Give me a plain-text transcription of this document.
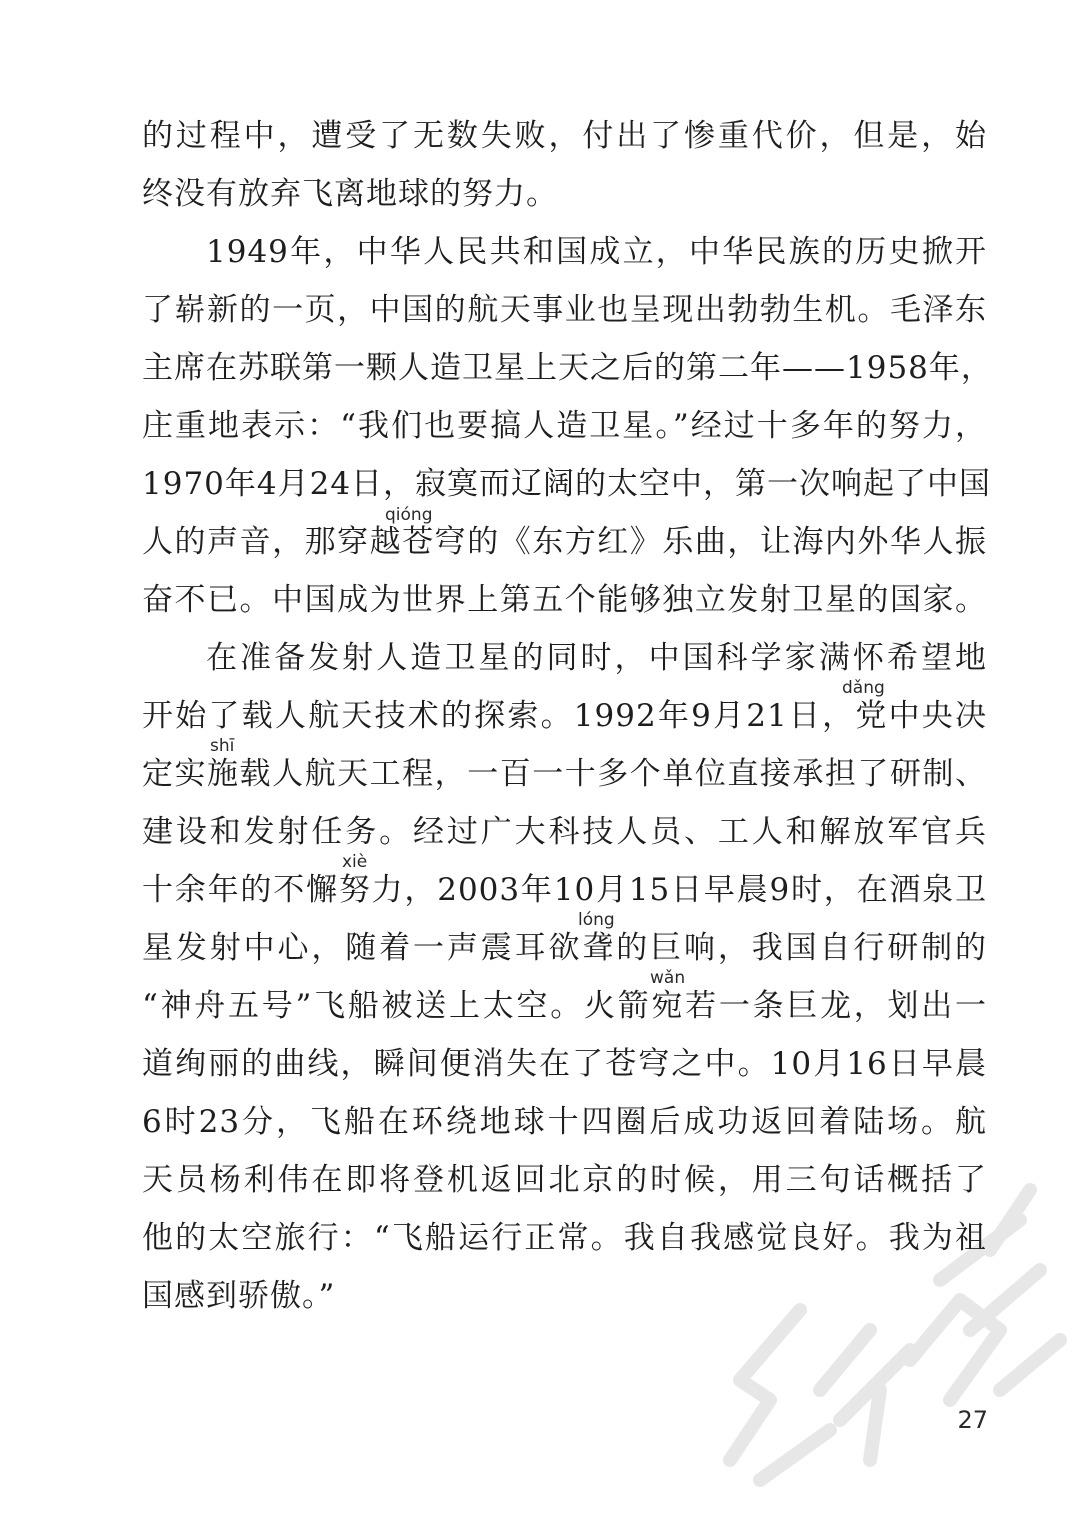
的过程中，遭受了无数失败，付出了惨重代价，但是，始
终没有放弃飞离地球的努力。
1949年，中华人民共和国成立，中华民族的历史掀开
了崭新的一页，中国的航天事业也呈现出勃勃生机。毛泽东
主席在苏联第一颗人造卫星上天之后的第二年——1958年，
庄重地表示：“我们也要搞人造卫星。”经过十多年的努力，
1970年4月24日，寂寞而辽阔的太空中，第一次响起了中国
人的声音，那穿越苍穹的《东方红》乐曲，让海内外华人振
奋不已。中国成为世界上第五个能够独立发射卫星的国家。
在准备发射人造卫星的同时，中国科学家满怀希望地
开始了载人航天技术的探索。1992年9月21日，党中央决
定实施载人航天工程，一百一十多个单位直接承担了研制、
建设和发射任务。经过广大科技人员、工人和解放军官兵
十余年的不懈努力，2003年10月15日早晨9时，在酒泉卫
星发射中心，随着一声震耳欲聋的巨响，我国自行研制的
“神舟五号”飞船被送上太空。火箭宛若一条巨龙，划出一
道绚丽的曲线，瞬间便消失在了苍穹之中。10月16日早晨
6时23分，飞船在环绕地球十四圈后成功返回着陆场。航
天员杨利伟在即将登机返回北京的时候，用三句话概括了
他的太空旅行：“飞船运行正常。我自我感觉良好。我为祖
国感到骄傲。”
qióng
dǎng
shī
xiè
lóng
wǎn
27
